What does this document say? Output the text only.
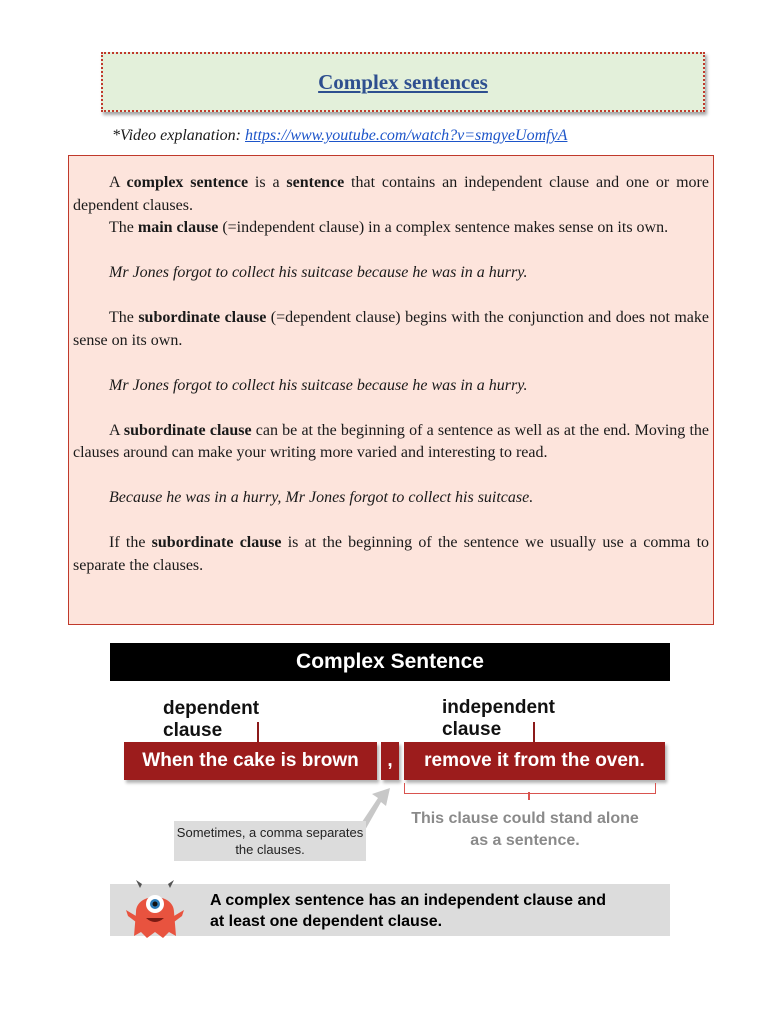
Complex sentences
*Video explanation: https://www.youtube.com/watch?v=smgyeUomfyA

A complex sentence is a sentence that contains an independent clause and one or more dependent clauses.

The main clause (=independent clause) in a complex sentence makes sense on its own.

Mr Jones forgot to collect his suitcase because he was in a hurry.

The subordinate clause (=dependent clause) begins with the conjunction and does not make sense on its own.

Mr Jones forgot to collect his suitcase because he was in a hurry.

A subordinate clause can be at the beginning of a sentence as well as at the end. Moving the clauses around can make your writing more varied and interesting to read.

Because he was in a hurry, Mr Jones forgot to collect his suitcase.

If the subordinate clause is at the beginning of the sentence we usually use a comma to separate the clauses.

Complex Sentence
dependent clause
independent clause
When the cake is brown	,	remove it from the oven.
This clause could stand alone as a sentence.
Sometimes, a comma separates the clauses.
A complex sentence has an independent clause and at least one dependent clause.
